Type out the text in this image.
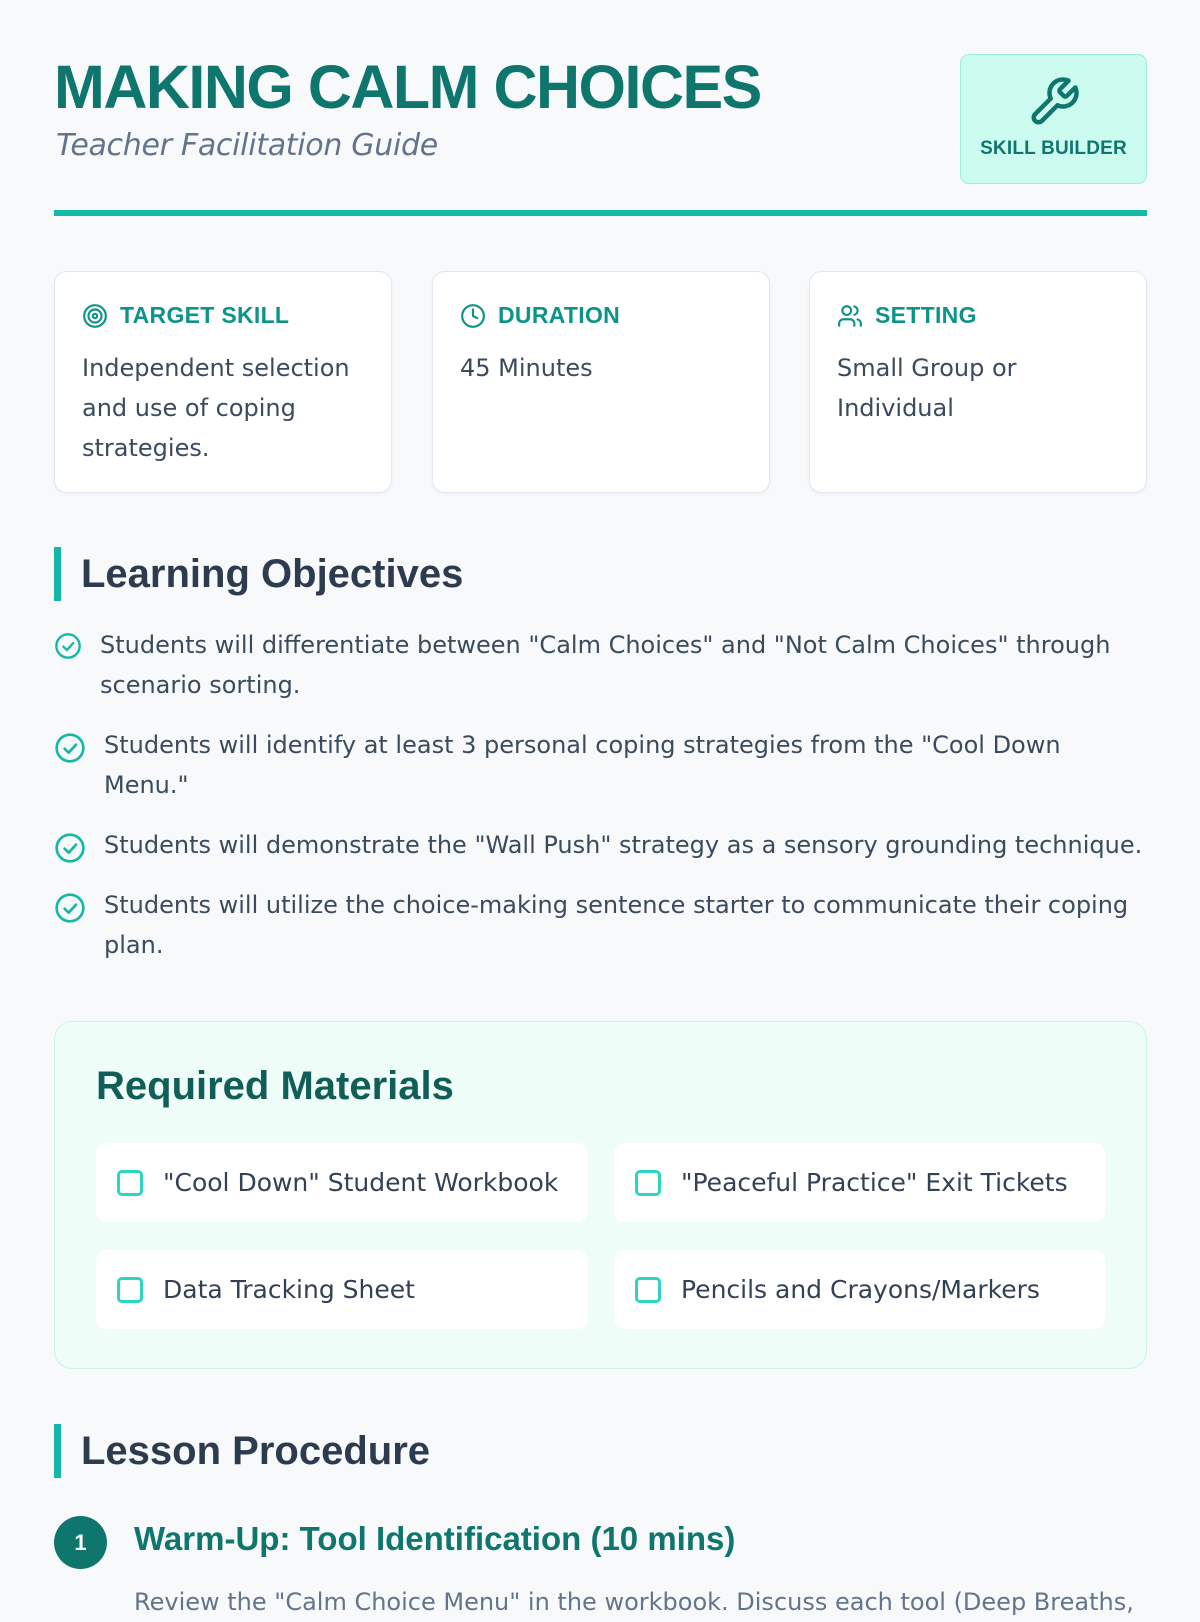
MAKING CALM CHOICES
Teacher Facilitation Guide	SKILL BUILDER
TARGET SKILL
Independent selection and use of coping strategies.
DURATION
45 Minutes
SETTING
Small Group or Individual
Learning Objectives
Students will differentiate between "Calm Choices" and "Not Calm Choices" through scenario sorting.
Students will identify at least 3 personal coping strategies from the "Cool Down Menu."
Students will demonstrate the "Wall Push" strategy as a sensory grounding technique.
Students will utilize the choice-making sentence starter to communicate their coping plan.
Required Materials
"Cool Down" Student Workbook	"Peaceful Practice" Exit Tickets
Data Tracking Sheet	Pencils and Crayons/Markers
Lesson Procedure
1	Warm-Up: Tool Identification (10 mins)
Review the "Calm Choice Menu" in the workbook. Discuss each tool (Deep Breaths,
